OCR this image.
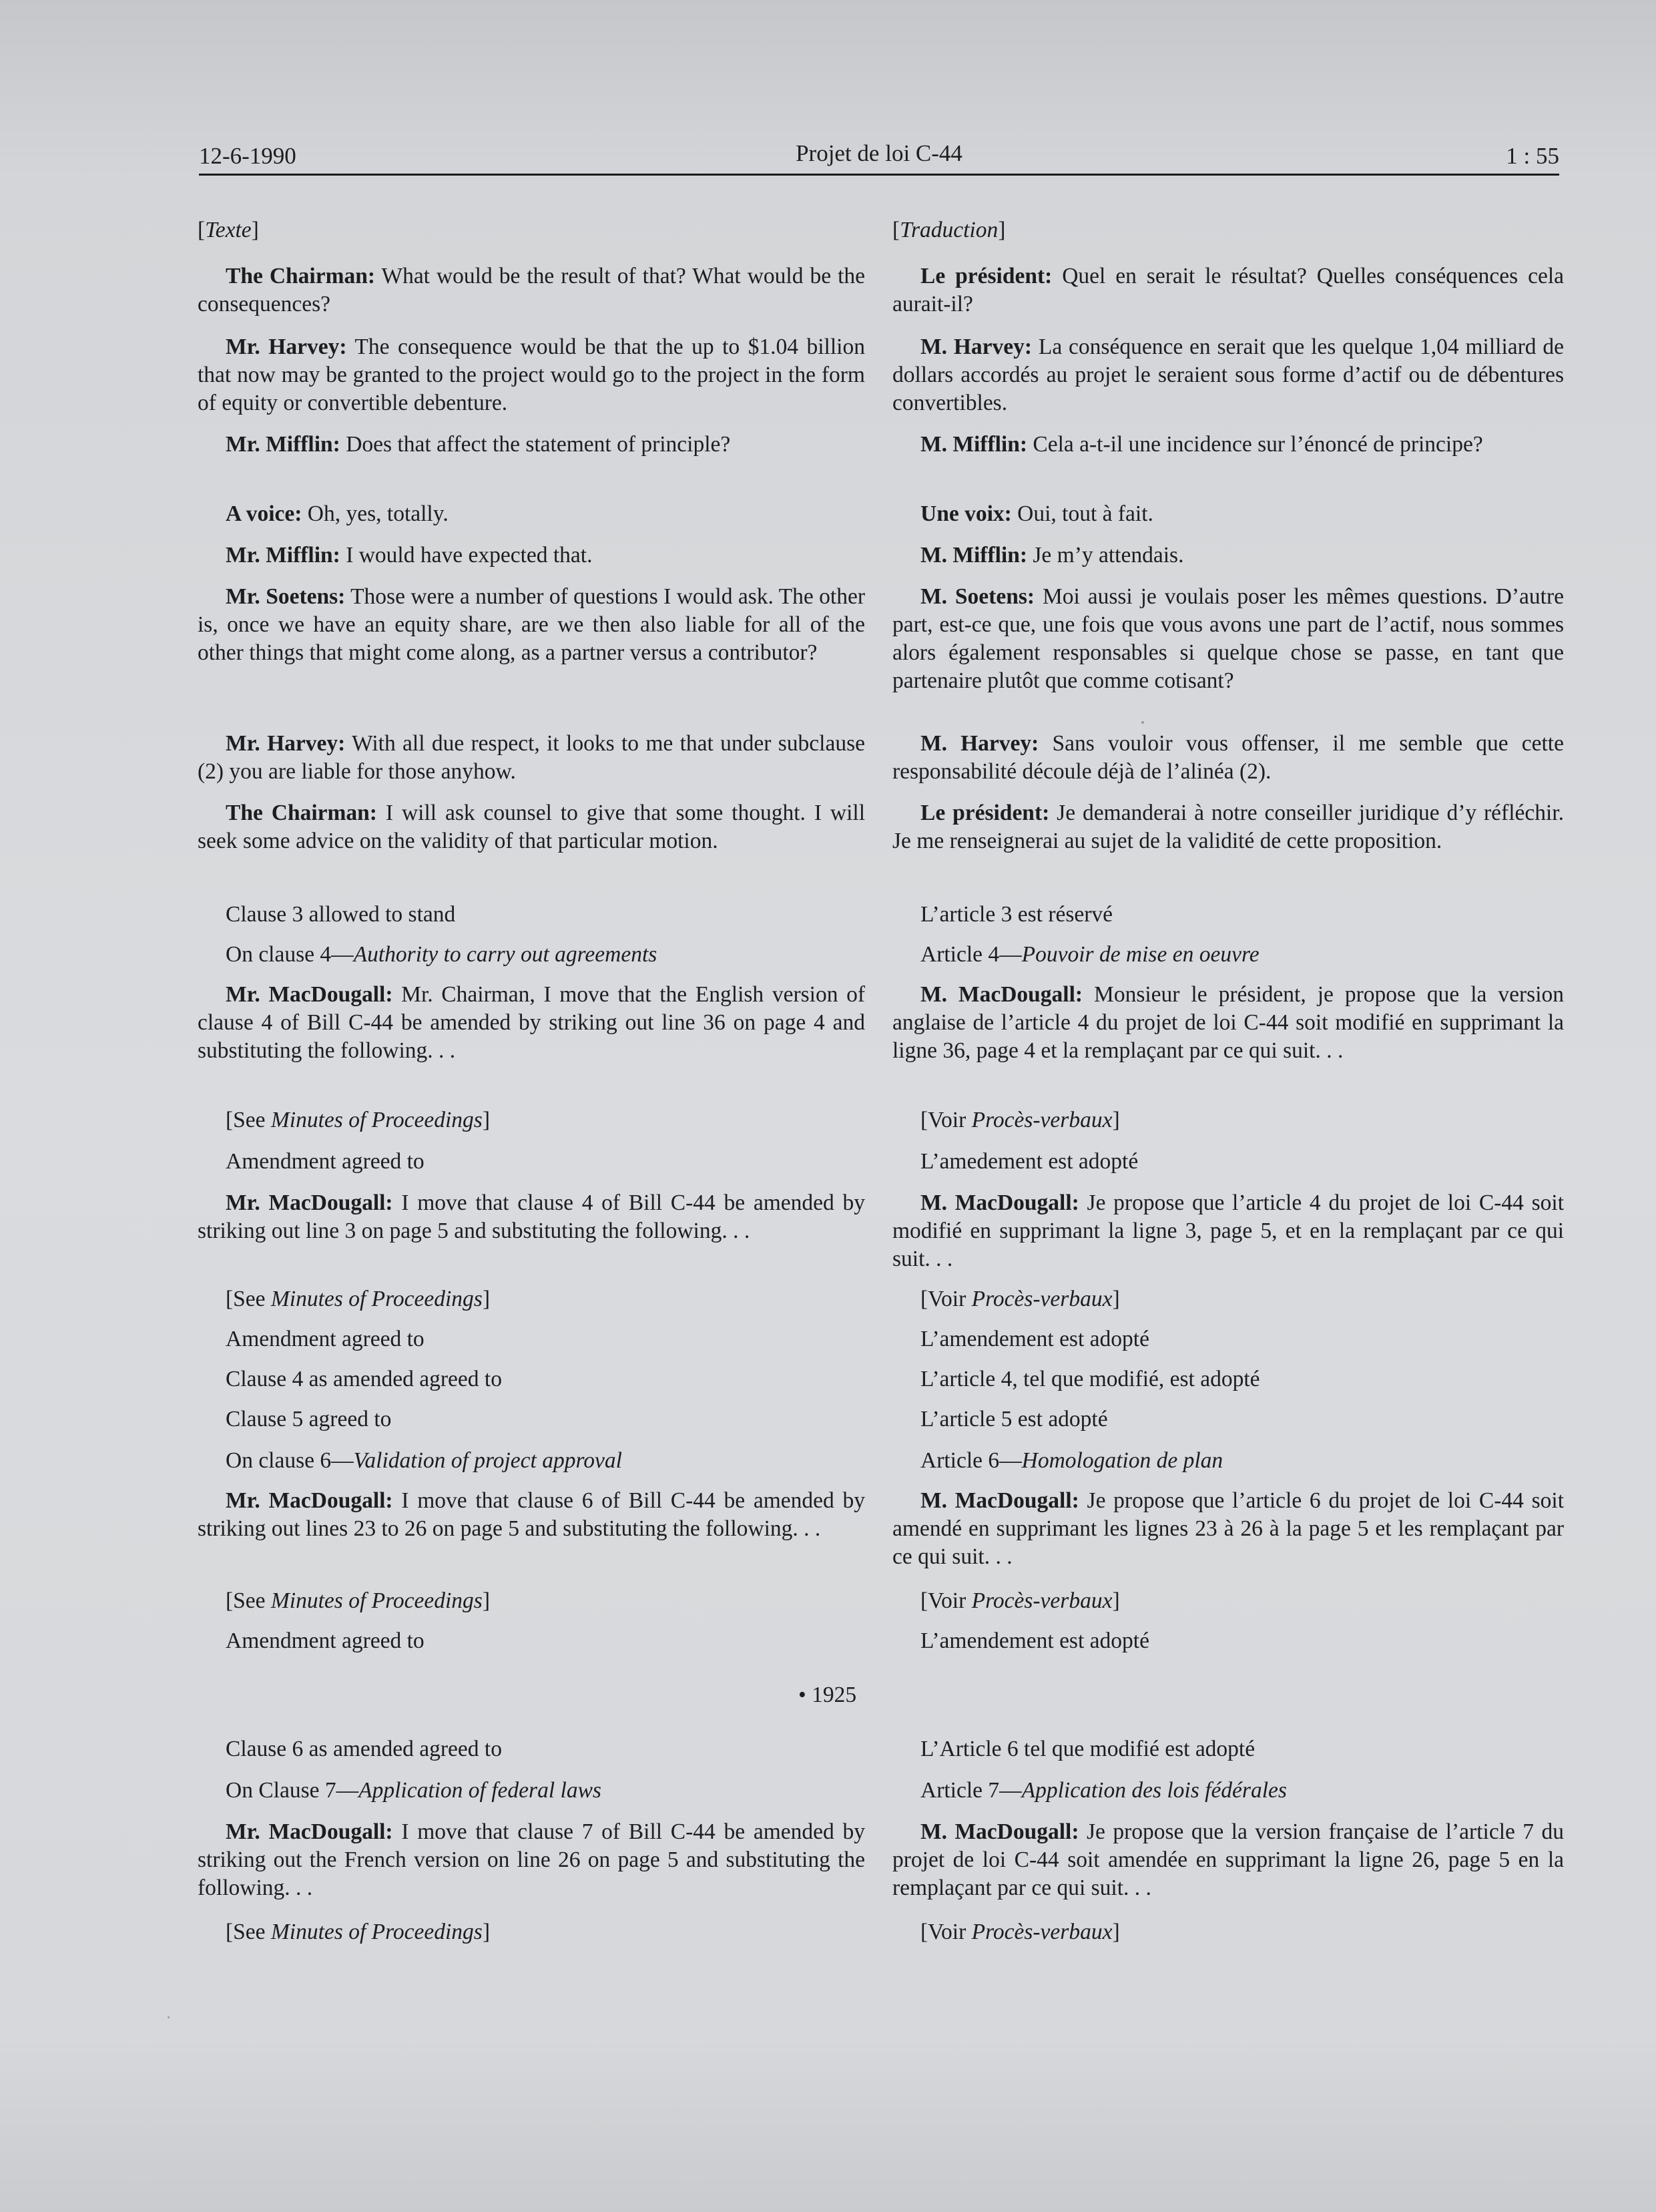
12-6-1990	Projet de loi C-44	1 : 55
[Texte]

The Chairman: What would be the result of that? What would be the consequences?

Mr. Harvey: The consequence would be that the up to $1.04 billion that now may be granted to the project would go to the project in the form of equity or convertible debenture.

Mr. Mifflin: Does that affect the statement of principle?

A voice: Oh, yes, totally.

Mr. Mifflin: I would have expected that.

Mr. Soetens: Those were a number of questions I would ask. The other is, once we have an equity share, are we then also liable for all of the other things that might come along, as a partner versus a contributor?

Mr. Harvey: With all due respect, it looks to me that under subclause (2) you are liable for those anyhow.

The Chairman: I will ask counsel to give that some thought. I will seek some advice on the validity of that particular motion.

Clause 3 allowed to stand

On clause 4—Authority to carry out agreements

Mr. MacDougall: Mr. Chairman, I move that the English version of clause 4 of Bill C-44 be amended by striking out line 36 on page 4 and substituting the following. . .

[See Minutes of Proceedings]

Amendment agreed to

Mr. MacDougall: I move that clause 4 of Bill C-44 be amended by striking out line 3 on page 5 and substituting the following. . .

[See Minutes of Proceedings]

Amendment agreed to

Clause 4 as amended agreed to

Clause 5 agreed to

On clause 6—Validation of project approval

Mr. MacDougall: I move that clause 6 of Bill C-44 be amended by striking out lines 23 to 26 on page 5 and substituting the following. . .

[See Minutes of Proceedings]

Amendment agreed to

Clause 6 as amended agreed to

On Clause 7—Application of federal laws

Mr. MacDougall: I move that clause 7 of Bill C-44 be amended by striking out the French version on line 26 on page 5 and substituting the following. . .

[See Minutes of Proceedings]

[Traduction]

Le président: Quel en serait le résultat? Quelles conséquences cela aurait-il?

M. Harvey: La conséquence en serait que les quelque 1,04 milliard de dollars accordés au projet le seraient sous forme d’actif ou de débentures convertibles.

M. Mifflin: Cela a-t-il une incidence sur l’énoncé de principe?

Une voix: Oui, tout à fait.

M. Mifflin: Je m’y attendais.

M. Soetens: Moi aussi je voulais poser les mêmes questions. D’autre part, est-ce que, une fois que vous avons une part de l’actif, nous sommes alors également responsables si quelque chose se passe, en tant que partenaire plutôt que comme cotisant?

M. Harvey: Sans vouloir vous offenser, il me semble que cette responsabilité découle déjà de l’alinéa (2).

Le président: Je demanderai à notre conseiller juridique d’y réfléchir. Je me renseignerai au sujet de la validité de cette proposition.

L’article 3 est réservé

Article 4—Pouvoir de mise en oeuvre

M. MacDougall: Monsieur le président, je propose que la version anglaise de l’article 4 du projet de loi C-44 soit modifié en supprimant la ligne 36, page 4 et la remplaçant par ce qui suit. . .

[Voir Procès-verbaux]

L’amedement est adopté

M. MacDougall: Je propose que l’article 4 du projet de loi C-44 soit modifié en supprimant la ligne 3, page 5, et en la remplaçant par ce qui suit. . .

[Voir Procès-verbaux]

L’amendement est adopté

L’article 4, tel que modifié, est adopté

L’article 5 est adopté

Article 6—Homologation de plan

M. MacDougall: Je propose que l’article 6 du projet de loi C-44 soit amendé en supprimant les lignes 23 à 26 à la page 5 et les remplaçant par ce qui suit. . .

[Voir Procès-verbaux]

L’amendement est adopté

L’Article 6 tel que modifié est adopté

Article 7—Application des lois fédérales

M. MacDougall: Je propose que la version française de l’article 7 du projet de loi C-44 soit amendée en supprimant la ligne 26, page 5 en la remplaçant par ce qui suit. . .

[Voir Procès-verbaux]

• 1925
